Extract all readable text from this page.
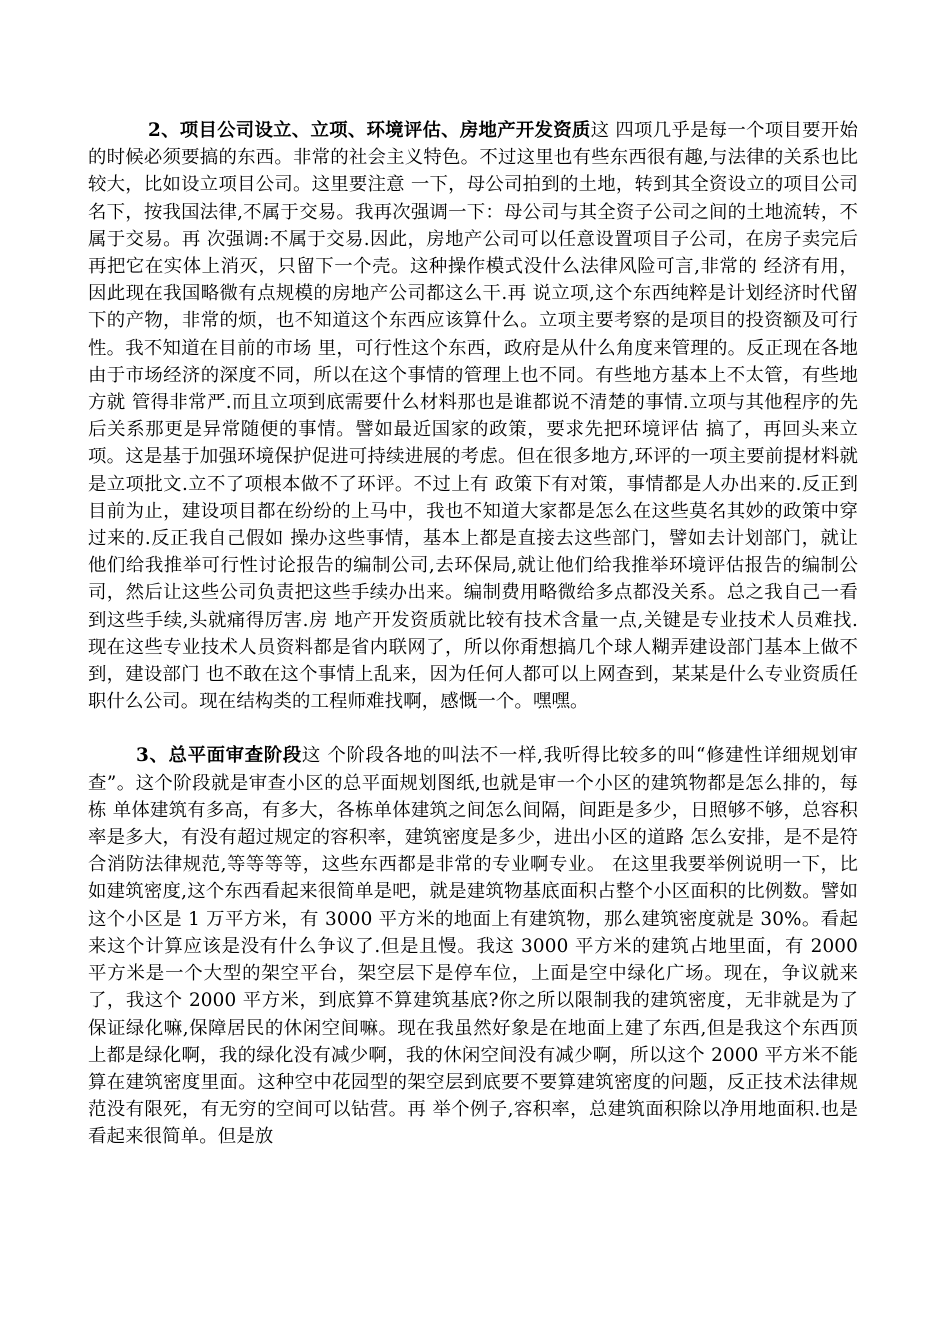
2、项目公司设立、立项、环境评估、房地产开发资质这 四项几乎是每一个项目要开始的时候必须要搞的东西。非常的社会主义特色。不过这里也有些东西很有趣,与法律的关系也比较大，比如设立项目公司。这里要注意 一下，母公司拍到的土地，转到其全资设立的项目公司名下，按我国法律,不属于交易。我再次强调一下：母公司与其全资子公司之间的土地流转，不属于交易。再 次强调:不属于交易.因此，房地产公司可以任意设置项目子公司，在房子卖完后再把它在实体上消灭，只留下一个壳。这种操作模式没什么法律风险可言,非常的 经济有用，因此现在我国略微有点规模的房地产公司都这么干.再 说立项,这个东西纯粹是计划经济时代留下的产物，非常的烦，也不知道这个东西应该算什么。立项主要考察的是项目的投资额及可行性。我不知道在目前的市场 里，可行性这个东西，政府是从什么角度来管理的。反正现在各地由于市场经济的深度不同，所以在这个事情的管理上也不同。有些地方基本上不太管，有些地方就 管得非常严.而且立项到底需要什么材料那也是谁都说不清楚的事情.立项与其他程序的先后关系那更是异常随便的事情。譬如最近国家的政策，要求先把环境评估 搞了，再回头来立项。这是基于加强环境保护促进可持续进展的考虑。但在很多地方,环评的一项主要前提材料就是立项批文.立不了项根本做不了环评。不过上有 政策下有对策，事情都是人办出来的.反正到目前为止，建设项目都在纷纷的上马中，我也不知道大家都是怎么在这些莫名其妙的政策中穿过来的.反正我自己假如 操办这些事情，基本上都是直接去这些部门，譬如去计划部门，就让他们给我推举可行性讨论报告的编制公司,去环保局,就让他们给我推举环境评估报告的编制公 司，然后让这些公司负责把这些手续办出来。编制费用略微给多点都没关系。总之我自己一看到这些手续,头就痛得厉害.房 地产开发资质就比较有技术含量一点,关键是专业技术人员难找.现在这些专业技术人员资料都是省内联网了，所以你甭想搞几个球人糊弄建设部门基本上做不到，建设部门 也不敢在这个事情上乱来，因为任何人都可以上网查到，某某是什么专业资质任职什么公司。现在结构类的工程师难找啊，感慨一个。嘿嘿。

3、总平面审查阶段这 个阶段各地的叫法不一样,我听得比较多的叫“修建性详细规划审查”。这个阶段就是审查小区的总平面规划图纸,也就是审一个小区的建筑物都是怎么排的，每栋 单体建筑有多高，有多大，各栋单体建筑之间怎么间隔，间距是多少，日照够不够，总容积率是多大，有没有超过规定的容积率，建筑密度是多少，进出小区的道路 怎么安排，是不是符合消防法律规范,等等等等，这些东西都是非常的专业啊专业。 在这里我要举例说明一下，比如建筑密度,这个东西看起来很简单是吧，就是建筑物基底面积占整个小区面积的比例数。譬如这个小区是 1 万平方米，有 3000 平方米的地面上有建筑物，那么建筑密度就是 30%。看起来这个计算应该是没有什么争议了.但是且慢。我这 3000 平方米的建筑占地里面，有 2000 平方米是一个大型的架空平台，架空层下是停车位，上面是空中绿化广场。现在，争议就来了，我这个 2000 平方米，到底算不算建筑基底?你之所以限制我的建筑密度，无非就是为了保证绿化嘛,保障居民的休闲空间嘛。现在我虽然好象是在地面上建了东西,但是我这个东西顶上都是绿化啊，我的绿化没有减少啊，我的休闲空间没有减少啊，所以这个 2000 平方米不能算在建筑密度里面。这种空中花园型的架空层到底要不要算建筑密度的问题，反正技术法律规范没有限死，有无穷的空间可以钻营。再 举个例子,容积率，总建筑面积除以净用地面积.也是看起来很简单。但是放
